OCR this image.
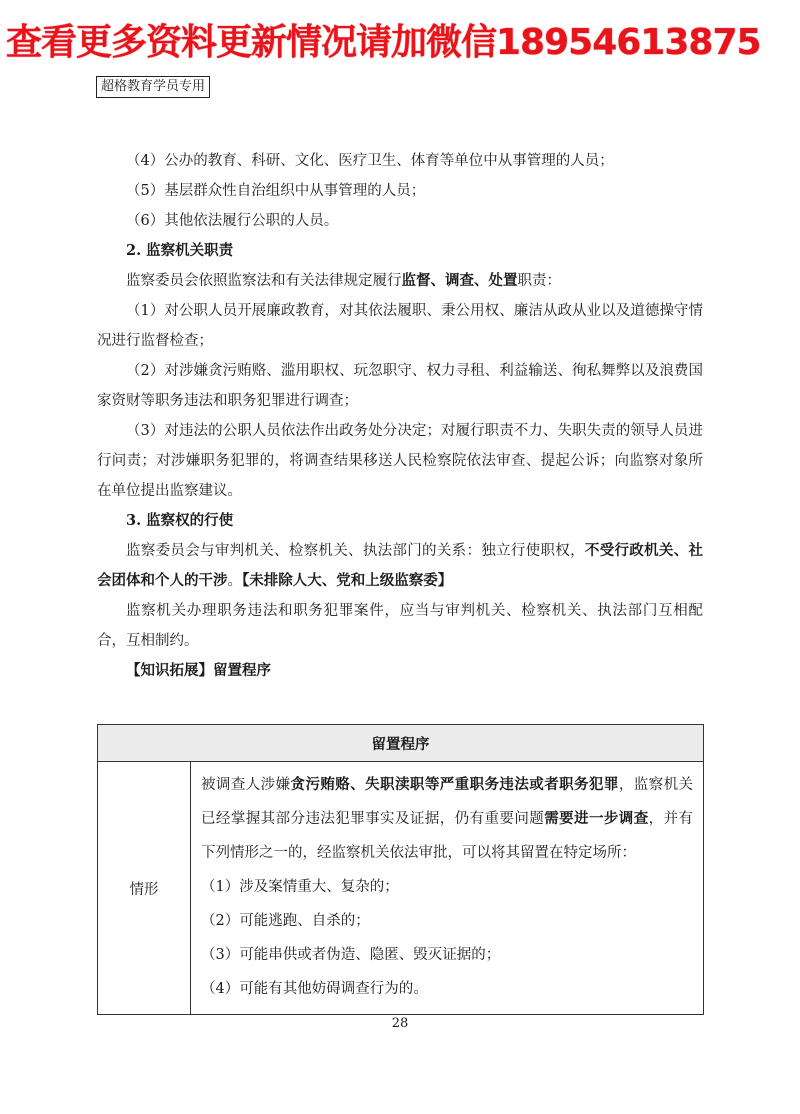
查看更多资料更新情况请加微信18954613875
超格教育学员专用

（4）公办的教育、科研、文化、医疗卫生、体育等单位中从事管理的人员；

（5）基层群众性自治组织中从事管理的人员；

（6）其他依法履行公职的人员。

2. 监察机关职责

监察委员会依照监察法和有关法律规定履行监督、调查、处置职责：

（1）对公职人员开展廉政教育，对其依法履职、秉公用权、廉洁从政从业以及道德操守情况进行监督检查；

（2）对涉嫌贪污贿赂、滥用职权、玩忽职守、权力寻租、利益输送、徇私舞弊以及浪费国家资财等职务违法和职务犯罪进行调查；

（3）对违法的公职人员依法作出政务处分决定；对履行职责不力、失职失责的领导人员进行问责；对涉嫌职务犯罪的，将调查结果移送人民检察院依法审查、提起公诉；向监察对象所在单位提出监察建议。

3. 监察权的行使

监察委员会与审判机关、检察机关、执法部门的关系：独立行使职权，不受行政机关、社会团体和个人的干涉。【未排除人大、党和上级监察委】

监察机关办理职务违法和职务犯罪案件，应当与审判机关、检察机关、执法部门互相配合，互相制约。

【知识拓展】留置程序

留置程序
情形	
被调查人涉嫌贪污贿赂、失职渎职等严重职务违法或者职务犯罪，监察机关已经掌握其部分违法犯罪事实及证据，仍有重要问题需要进一步调查，并有下列情形之一的，经监察机关依法审批，可以将其留置在特定场所：
（1）涉及案情重大、复杂的；
（2）可能逃跑、自杀的；
（3）可能串供或者伪造、隐匿、毁灭证据的；
（4）可能有其他妨碍调查行为的。
28
